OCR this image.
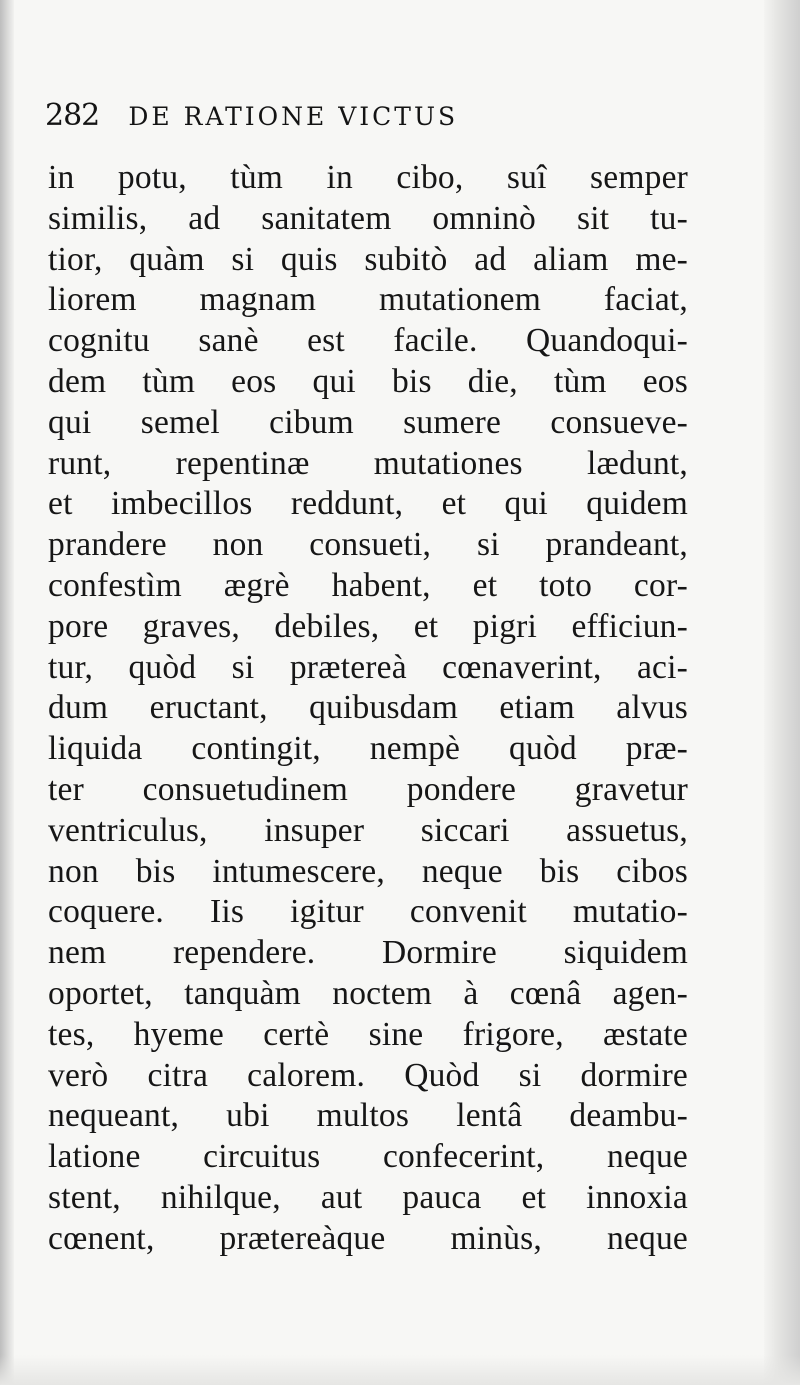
282 DE RATIONE VICTUS
in potu, tùm in cibo, suî semper
similis, ad sanitatem omninò sit tu-
tior, quàm si quis subitò ad aliam me-
liorem magnam mutationem faciat,
cognitu sanè est facile. Quandoqui-
dem tùm eos qui bis die, tùm eos
qui semel cibum sumere consueve-
runt, repentinæ mutationes lædunt,
et imbecillos reddunt, et qui quidem
prandere non consueti, si prandeant,
confestìm ægrè habent, et toto cor-
pore graves, debiles, et pigri efficiun-
tur, quòd si prætereà cœnaverint, aci-
dum eructant, quibusdam etiam alvus
liquida contingit, nempè quòd præ-
ter consuetudinem pondere gravetur
ventriculus, insuper siccari assuetus,
non bis intumescere, neque bis cibos
coquere. Iis igitur convenit mutatio-
nem rependere. Dormire siquidem
oportet, tanquàm noctem à cœnâ agen-
tes, hyeme certè sine frigore, æstate
verò citra calorem. Quòd si dormire
nequeant, ubi multos lentâ deambu-
latione circuitus confecerint, neque
stent, nihilque, aut pauca et innoxia
cœnent, prætereàque minùs, neque
